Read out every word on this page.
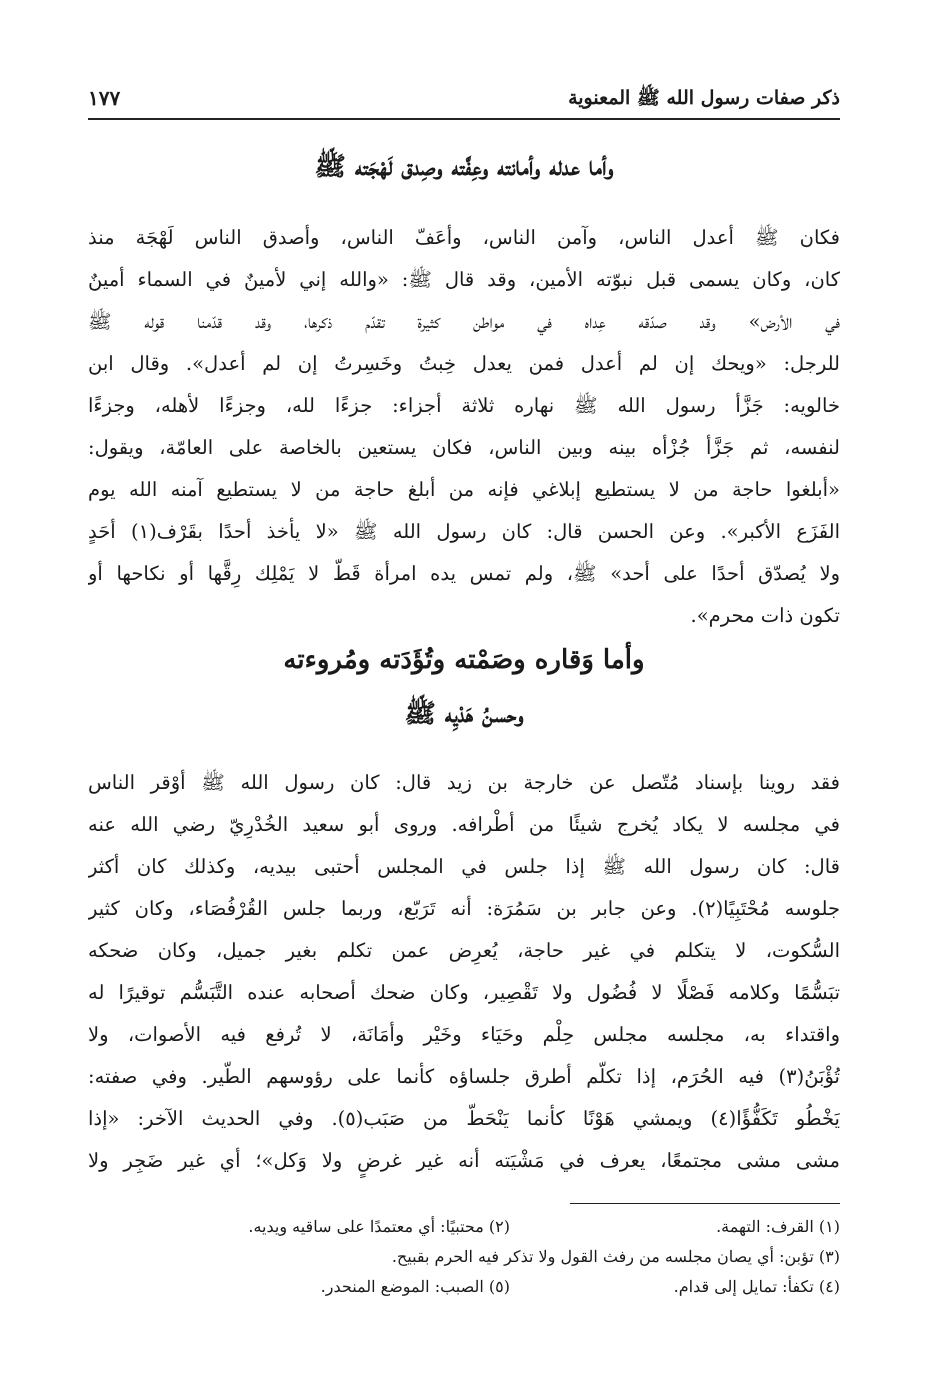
ذكر صفات رسول الله ﷺ المعنوية
١٧٧
وأما عدله وأمانته وعِفَّته وصِدق لَهْجَته ﷺ
فكان ﷺ أعدل الناس، وآمن الناس، وأعَفّ الناس، وأصدق الناس لَهْجَة منذ
كان، وكان يسمى قبل نبوّته الأمين، وقد قال ﷺ: «والله إني لأمينٌ في السماء أمينٌ
في الأرض» وقد صدّقه عِداه في مواطن كثيرة تقدّم ذكرها، وقد قدّمنا قوله ﷺ
للرجل: «ويحك إن لم أعدل فمن يعدل خِبتُ وخَسِرتُ إن لم أعدل». وقال ابن
خالويه: جَزَّأ رسول الله ﷺ نهاره ثلاثة أجزاء: جزءًا لله، وجزءًا لأهله، وجزءًا
لنفسه، ثم جَزَّأ جُزْأه بينه وبين الناس، فكان يستعين بالخاصة على العامّة، ويقول:
«أبلغوا حاجة من لا يستطيع إبلاغي فإنه من أبلغ حاجة من لا يستطيع آمنه الله يوم
الفَزَع الأكبر». وعن الحسن قال: كان رسول الله ﷺ «لا يأخذ أحدًا بقَرْف(١) أحَدٍ
ولا يُصدّق أحدًا على أحد» ﷺ، ولم تمس يده امرأة قَطّ لا يَمْلِك رِقَّها أو نكاحها أو
تكون ذات محرم».
وأما وَقاره وصَمْته وتُؤَدَته ومُروءته
وحسنُ هَدْيِه ﷺ
فقد روينا بإسناد مُتّصل عن خارجة بن زيد قال: كان رسول الله ﷺ أوْقر الناس
في مجلسه لا يكاد يُخرج شيئًا من أطْرافه. وروى أبو سعيد الخُدْرِيّ رضي الله عنه
قال: كان رسول الله ﷺ إذا جلس في المجلس أحتبى بيديه، وكذلك كان أكثر
جلوسه مُحْتَبِيًا(٢). وعن جابر بن سَمُرَة: أنه تَرَبّع، وربما جلس القُرْفُصَاء، وكان كثير
السُّكوت، لا يتكلم في غير حاجة، يُعرِض عمن تكلم بغير جميل، وكان ضحكه
تبَسُّمًا وكلامه فَصْلًا لا فُضُول ولا تَقْصِير، وكان ضحك أصحابه عنده التَّبَسُّم توقيرًا له
واقتداء به، مجلسه مجلس حِلْم وحَيَاء وخَيْر وأمَانَة، لا تُرفع فيه الأصوات، ولا
تُؤْبَنُ(٣) فيه الحُرَم، إذا تكلّم أطرق جلساؤه كأنما على رؤوسهم الطّير. وفي صفته:
يَخْطُو تَكَفُّؤًا(٤) ويمشي هَوْنًا كأنما يَنْحَطّ من صَبَب(٥). وفي الحديث الآخر: «إذا
مشى مشى مجتمعًا، يعرف في مَشْيَته أنه غير غرضٍ ولا وَكل»؛ أي غير ضَجِر ولا
(١) القرف: التهمة.
(٢) محتبيًا: أي معتمدًا على ساقيه ويديه.
(٣) تؤبن: أي يصان مجلسه من رفث القول ولا تذكر فيه الحرم بقبيح.
(٤) تكفأ: تمايل إلى قدام.
(٥) الصبب: الموضع المنحدر.
